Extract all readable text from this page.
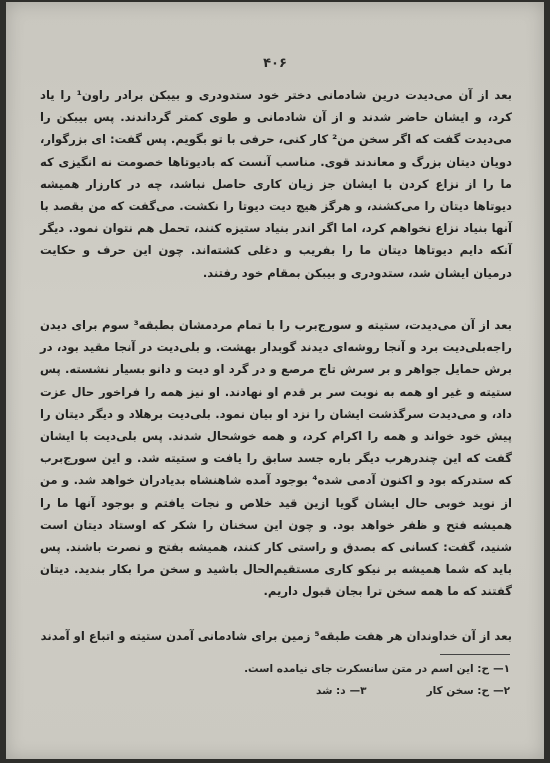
۴۰۶

بعد از آن می‌دیدت درین شادمانی دختر خود ستدودری و بیبکن برادر راون¹ را یاد کرد، و ایشان حاضر شدند و از آن شادمانی و طوی کمتر گرداندند. پس بیبکن را می‌دیدت گفت که اگر سخن من² کار کنی، حرفی با تو بگویم. پس گفت: ای بزرگوار، دویان دیتان بزرگ و معاندند قوی. مناسب آنست که بادیوتاها خصومت نه انگیزی که ما را از نزاع کردن با ایشان جز زیان کاری حاصل نباشد، چه در کارزار همیشه دیوتاها دیتان را می‌کشند، و هرگز هیچ دیت دیوتا را نکشت. می‌گفت که من بقصد با آنها بنیاد نزاع نخواهم کرد، اما اگر اندر بنیاد ستیزه کنند، تحمل هم نتوان نمود. دیگر آنکه دایم دیوتاها دیتان ما را بفریب و دغلی کشته‌اند. چون این حرف و حکایت درمیان ایشان شد، ستدودری و بیبکن بمقام خود رفتند.

بعد از آن می‌دیدت، ستیته و سورج‌برب را با تمام مردمشان بطبقه³ سوم برای دیدن راجه‌بلی‌دیت برد و آنجا روشه‌ای دیدند گوبدار بهشت. و بلی‌دیت در آنجا مقید بود، در برش حمایل جواهر و بر سرش تاج مرصع و در گرد او دیت و دانو بسیار نشسته. پس ستیته و غیر او همه به نوبت سر بر قدم او نهادند. او نیز همه را فراخور حال عزت داد، و می‌دیدت سرگذشت ایشان را نزد او بیان نمود. بلی‌دیت برهلاد و دیگر دیتان را پیش خود خواند و همه را اکرام کرد، و همه خوشحال شدند. پس بلی‌دیت با ایشان گفت که این چندرهرب دیگر باره جسد سابق را یافت و ستیته شد. و این سورج‌برب که ستدرکه بود و اکنون آدمی شده⁴ بوجود آمده شاهنشاه بدیادران خواهد شد. و من از نوید خوبی حال ایشان گویا ازین قید خلاص و نجات یافتم و بوجود آنها ما را همیشه فتح و ظفر خواهد بود. و چون این سخنان را شکر که اوستاد دیتان است شنید، گفت: کسانی که بصدق و راستی کار کنند، همیشه بفتح و نصرت باشند. پس باید که شما همیشه بر نیکو کاری مستقیم‌الحال باشید و سخن مرا بکار بندید. دیتان گفتند که ما همه سخن ترا بجان قبول داریم.

بعد از آن خداوندان هر هفت طبقه⁵ زمین برای شادمانی آمدن ستیته و اتباع او آمدند

۱—ح: این اسم در متن سانسکرت جای نیامده است.
۲—ح: سخن کار
۳—د: شد
